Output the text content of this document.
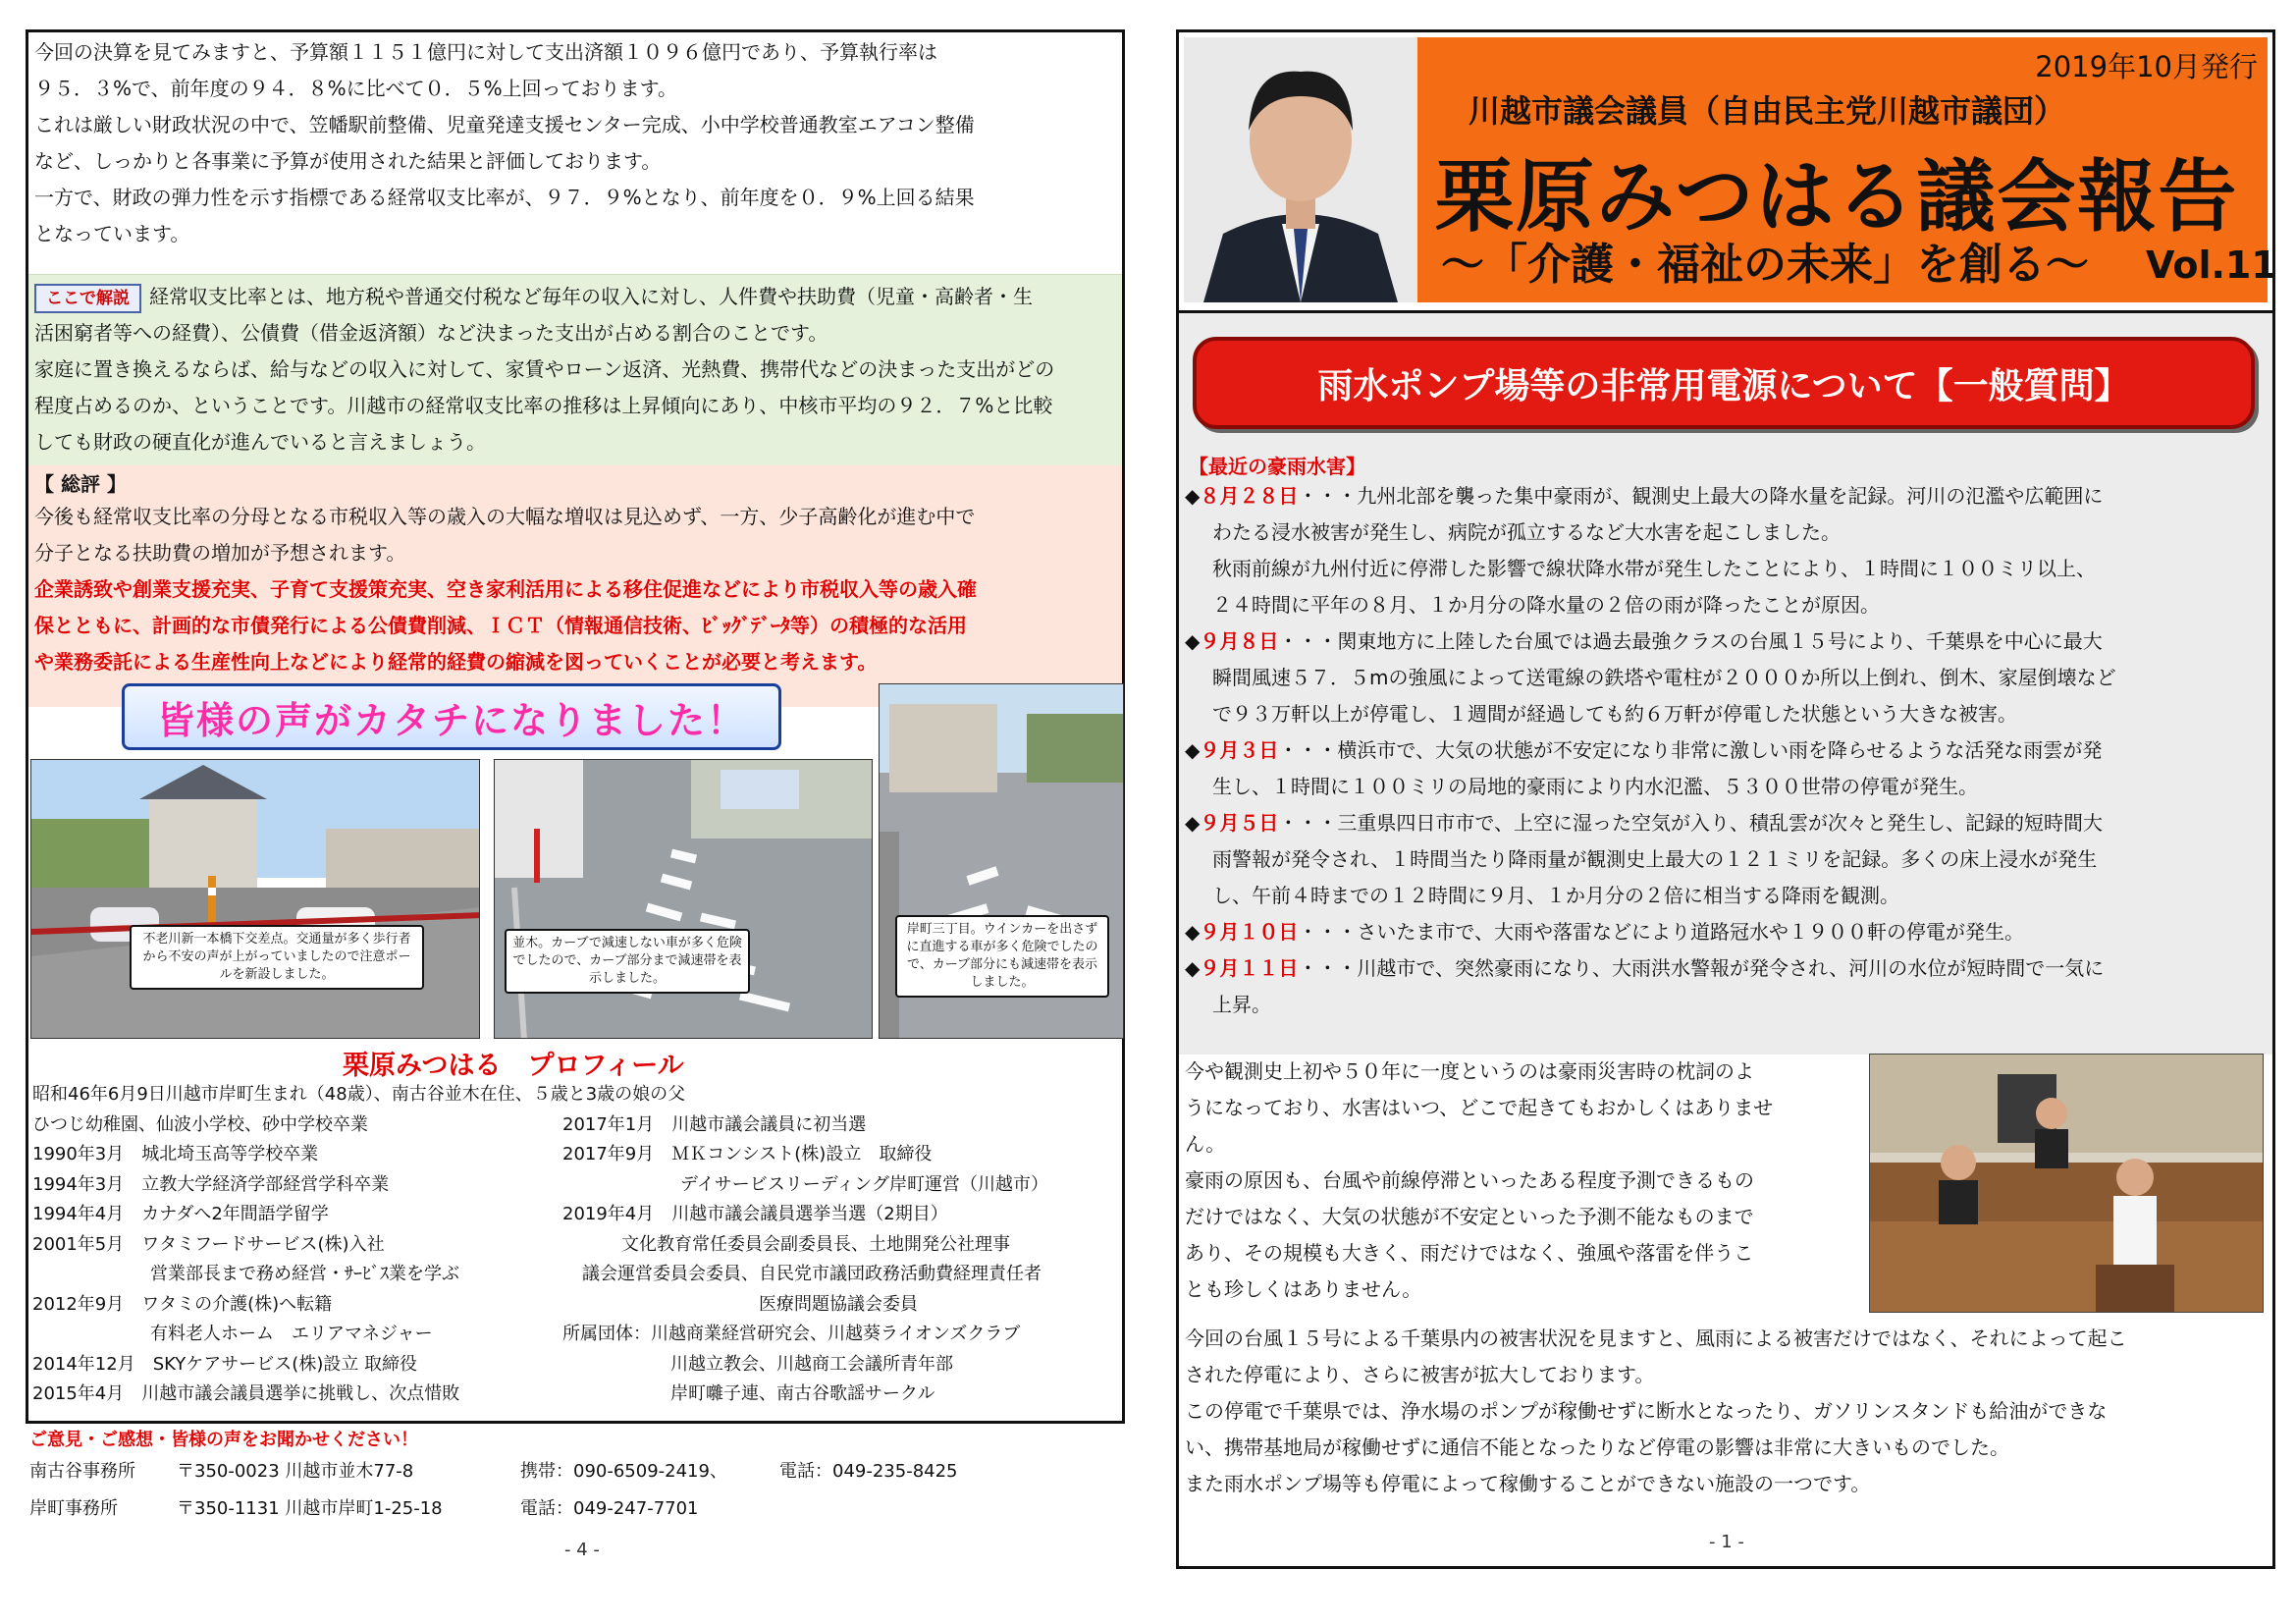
今回の決算を見てみますと、予算額１１５１億円に対して支出済額１０９６億円であり、予算執行率は
９５．３%で、前年度の９４．８%に比べて０．５%上回っております。
これは厳しい財政状況の中で、笠幡駅前整備、児童発達支援センター完成、小中学校普通教室エアコン整備
など、しっかりと各事業に予算が使用された結果と評価しております。
一方で、財政の弾力性を示す指標である経常収支比率が、９７．９%となり、前年度を０．９%上回る結果
となっています。
ここで解説 経常収支比率とは、地方税や普通交付税など毎年の収入に対し、人件費や扶助費（児童・高齢者・生
活困窮者等への経費）、公債費（借金返済額）など決まった支出が占める割合のことです。
家庭に置き換えるならば、給与などの収入に対して、家賃やローン返済、光熱費、携帯代などの決まった支出がどの
程度占めるのか、ということです。川越市の経常収支比率の推移は上昇傾向にあり、中核市平均の９２．７%と比較
しても財政の硬直化が進んでいると言えましょう。
【 総評 】
今後も経常収支比率の分母となる市税収入等の歳入の大幅な増収は見込めず、一方、少子高齢化が進む中で
分子となる扶助費の増加が予想されます。
企業誘致や創業支援充実、子育て支援策充実、空き家利活用による移住促進などにより市税収入等の歳入確
保とともに、計画的な市債発行による公債費削減、ＩＣＴ（情報通信技術、ﾋﾞｯｸﾞﾃﾞｰﾀ等）の積極的な活用
や業務委託による生産性向上などにより経常的経費の縮減を図っていくことが必要と考えます。
皆様の声がカタチになりました！
不老川新一本橋下交差点。交通量が多く歩行者から不安の声が上がっていましたので注意ポールを新設しました。
並木。カーブで減速しない車が多く危険でしたので、カーブ部分まで減速帯を表示しました。
岸町三丁目。ウインカーを出さずに直進する車が多く危険でしたので、カーブ部分にも減速帯を表示しました。
栗原みつはる　プロフィール
昭和46年6月9日川越市岸町生まれ（48歳）、南古谷並木在住、５歳と3歳の娘の父
ひつじ幼稚園、仙波小学校、砂中学校卒業	2017年1月　川越市議会議員に初当選
1990年3月　城北埼玉高等学校卒業	2017年9月　ＭＫコンシスト(株)設立　取締役
1994年3月　立教大学経済学部経営学科卒業	デイサービスリーディング岸町運営（川越市）
1994年4月　カナダへ2年間語学留学	2019年4月　川越市議会議員選挙当選（2期目）
2001年5月　ワタミフードサービス(株)入社	文化教育常任委員会副委員長、土地開発公社理事
営業部長まで務め経営・ｻｰﾋﾞｽ業を学ぶ	議会運営委員会委員、自民党市議団政務活動費経理責任者
2012年9月　ワタミの介護(株)へ転籍	医療問題協議会委員
有料老人ホーム　エリアマネジャー	所属団体：川越商業経営研究会、川越葵ライオンズクラブ
2014年12月　SKYケアサービス(株)設立 取締役	川越立教会、川越商工会議所青年部
2015年4月　川越市議会議員選挙に挑戦し、次点惜敗	岸町囃子連、南古谷歌謡サークル
ご意見・ご感想・皆様の声をお聞かせください！
南古谷事務所 〒350-0023 川越市並木77-8	携帯：090-6509-2419、	電話：049-235-8425
岸町事務所	〒350-1131 川越市岸町1-25-18	電話：049-247-7701
- 4 -
2019年10月発行
川越市議会議員（自由民主党川越市議団）
栗原みつはる議会報告
～「介護・福祉の未来」を創る～ Vol.11
雨水ポンプ場等の非常用電源について【一般質問】
【最近の豪雨水害】
◆８月２８日・・・九州北部を襲った集中豪雨が、観測史上最大の降水量を記録。河川の氾濫や広範囲に
わたる浸水被害が発生し、病院が孤立するなど大水害を起こしました。
秋雨前線が九州付近に停滞した影響で線状降水帯が発生したことにより、１時間に１００ミリ以上、
２４時間に平年の８月、１か月分の降水量の２倍の雨が降ったことが原因。
◆９月８日・・・関東地方に上陸した台風では過去最強クラスの台風１５号により、千葉県を中心に最大
瞬間風速５７．５mの強風によって送電線の鉄塔や電柱が２０００か所以上倒れ、倒木、家屋倒壊など
で９３万軒以上が停電し、１週間が経過しても約６万軒が停電した状態という大きな被害。
◆９月３日・・・横浜市で、大気の状態が不安定になり非常に激しい雨を降らせるような活発な雨雲が発
生し、１時間に１００ミリの局地的豪雨により内水氾濫、５３００世帯の停電が発生。
◆９月５日・・・三重県四日市市で、上空に湿った空気が入り、積乱雲が次々と発生し、記録的短時間大
雨警報が発令され、１時間当たり降雨量が観測史上最大の１２１ミリを記録。多くの床上浸水が発生
し、午前４時までの１２時間に９月、１か月分の２倍に相当する降雨を観測。
◆９月１０日・・・さいたま市で、大雨や落雷などにより道路冠水や１９００軒の停電が発生。
◆９月１１日・・・川越市で、突然豪雨になり、大雨洪水警報が発令され、河川の水位が短時間で一気に
上昇。
今や観測史上初や５０年に一度というのは豪雨災害時の枕詞のよ
うになっており、水害はいつ、どこで起きてもおかしくはありませ
ん。
豪雨の原因も、台風や前線停滞といったある程度予測できるもの
だけではなく、大気の状態が不安定といった予測不能なものまで
あり、その規模も大きく、雨だけではなく、強風や落雷を伴うこ
とも珍しくはありません。
今回の台風１５号による千葉県内の被害状況を見ますと、風雨による被害だけではなく、それによって起こ
された停電により、さらに被害が拡大しております。
この停電で千葉県では、浄水場のポンプが稼働せずに断水となったり、ガソリンスタンドも給油ができな
い、携帯基地局が稼働せずに通信不能となったりなど停電の影響は非常に大きいものでした。
また雨水ポンプ場等も停電によって稼働することができない施設の一つです。
- 1 -
